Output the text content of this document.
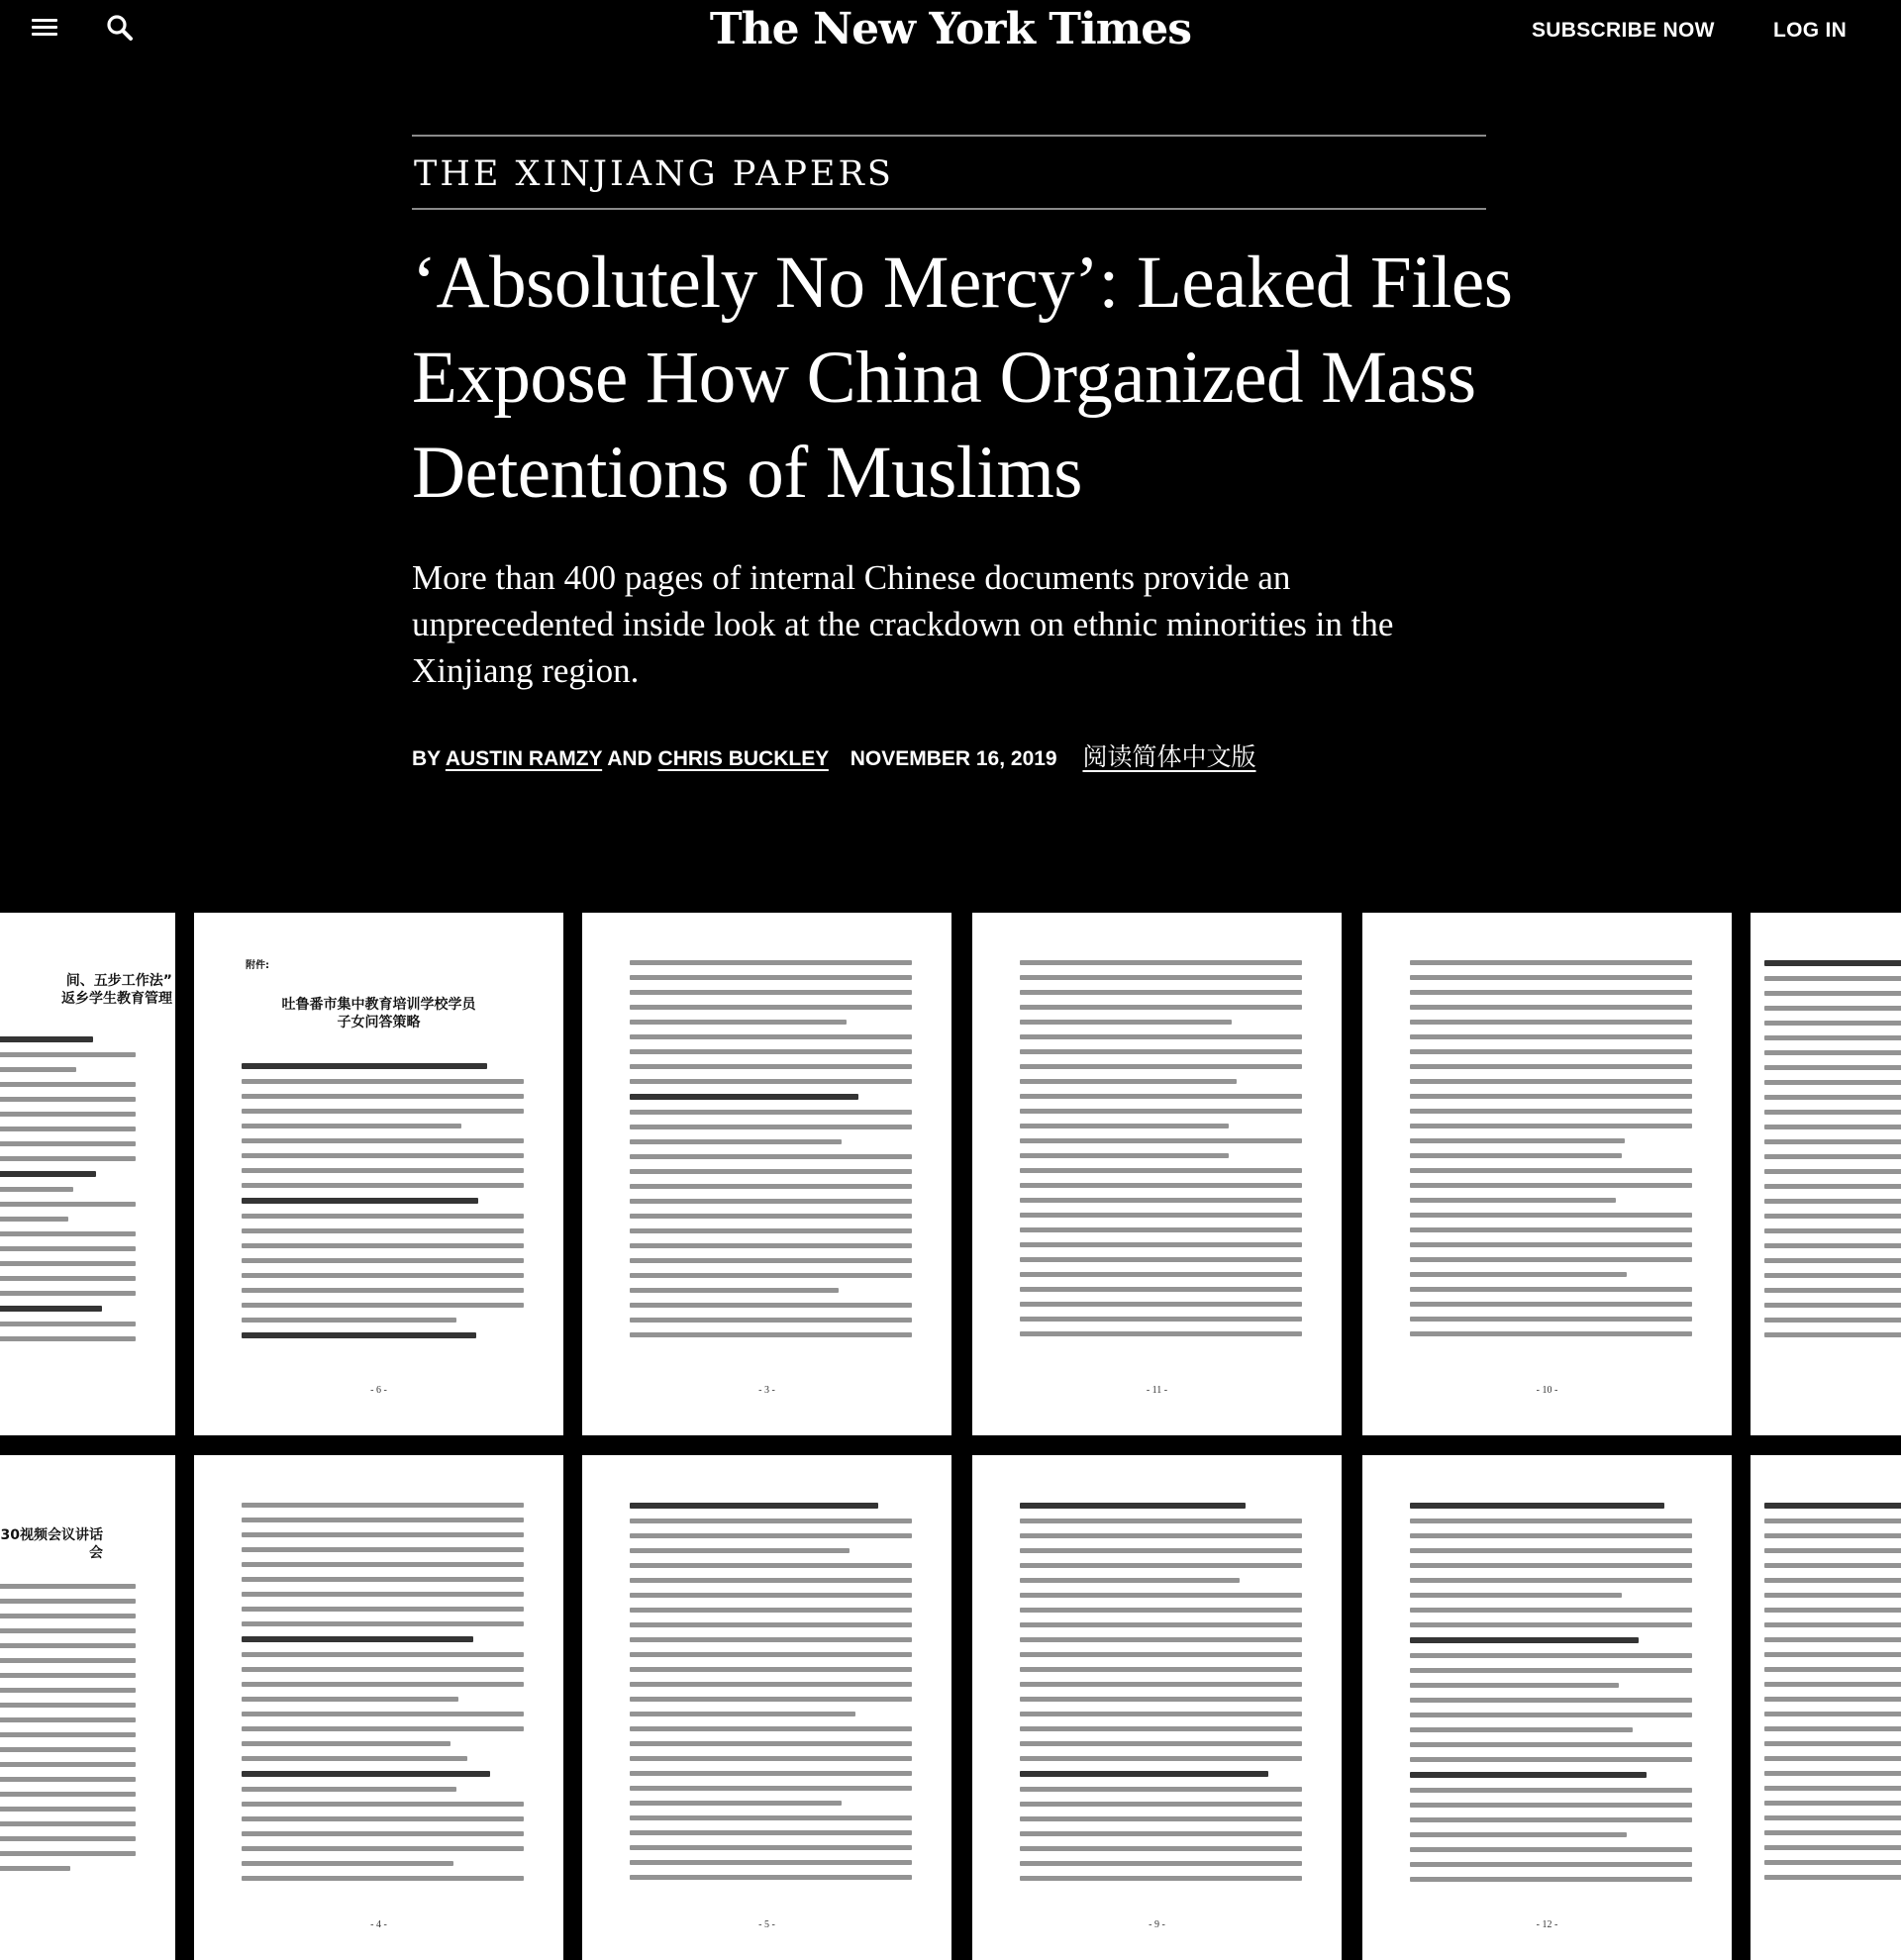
The New York Times	SUBSCRIBE NOW	LOG IN
THE XINJIANG PAPERS
‘Absolutely No Mercy’: Leaked Files Expose How China Organized Mass Detentions of Muslims

More than 400 pages of internal Chinese documents provide an unprecedented inside look at the crackdown on ethnic minorities in the Xinjiang region.

BY AUSTIN RAMZY AND CHRIS BUCKLEY NOVEMBER 16, 2019 阅读简体中文版
间、五步工作法”
返乡学生教育管理
附件:
吐鲁番市集中教育培训学校学员
子女问答策略
- 6 -	- 3 -	- 11 -	- 10 -
30视频会议讲话
会
- 4 -	- 5 -	- 9 -	- 12 -
